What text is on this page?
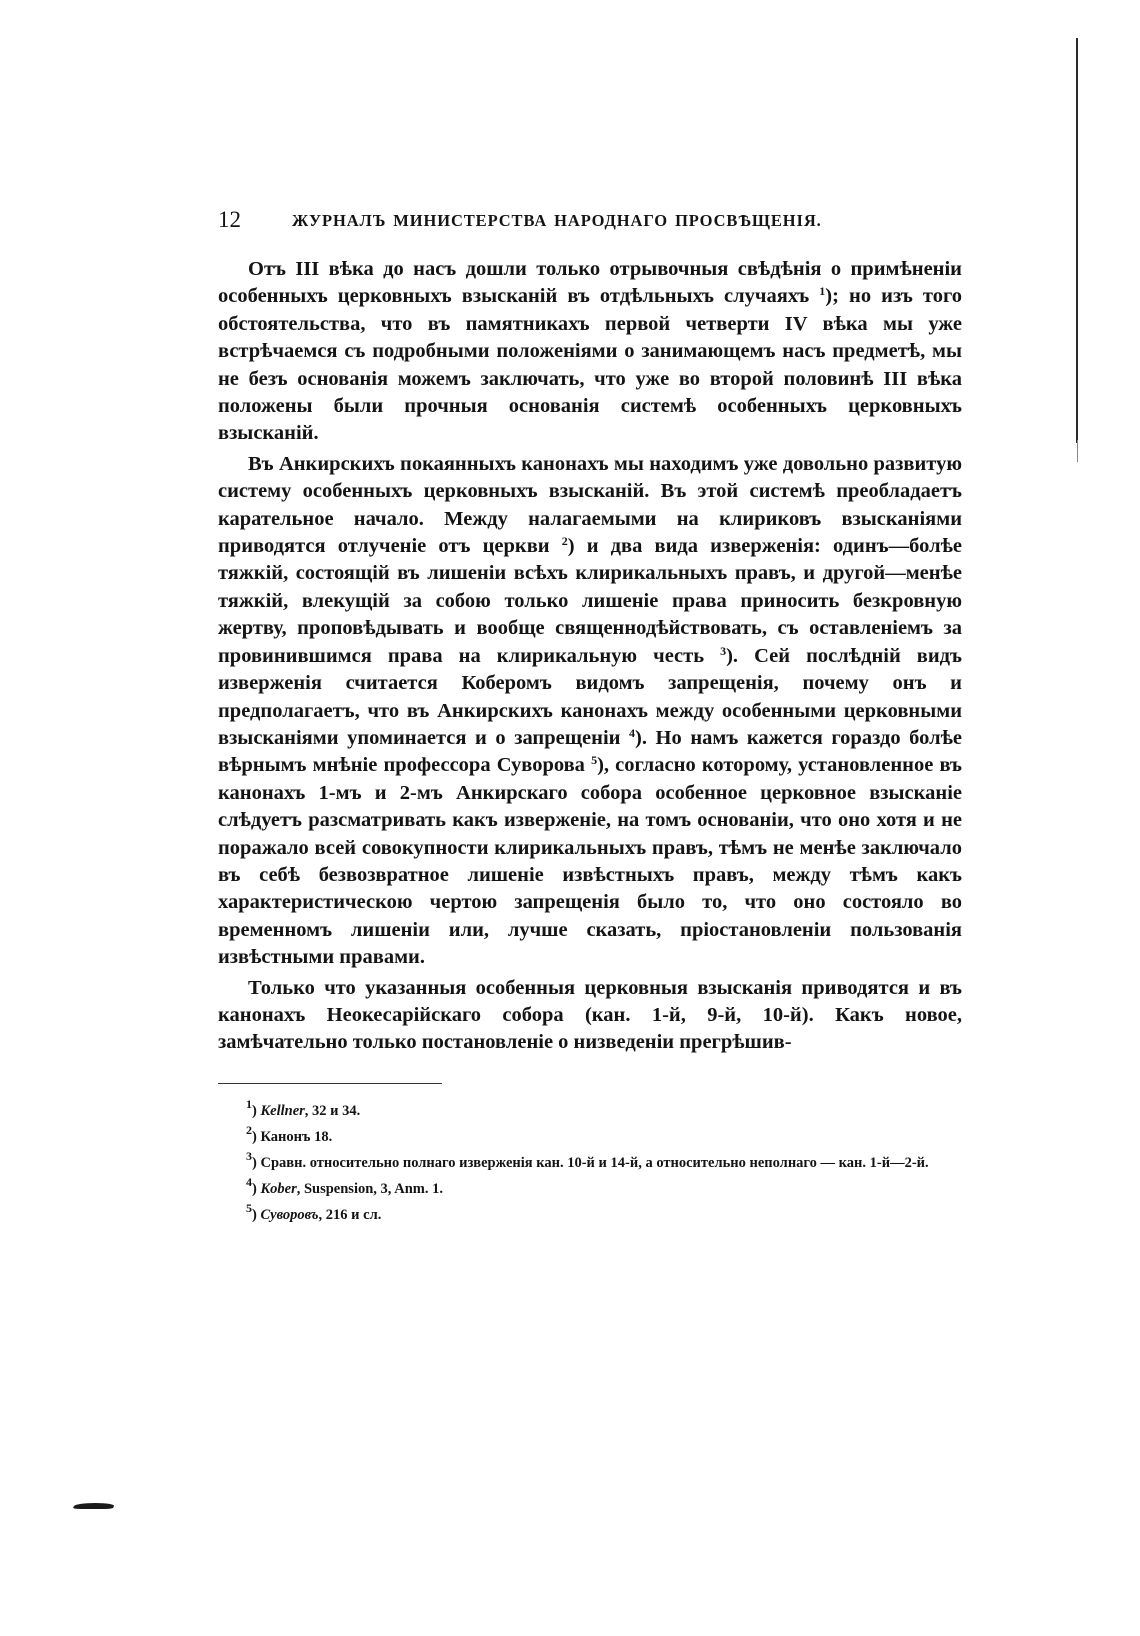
12	ЖУРНАЛЪ МИНИСТЕРСТВА НАРОДНАГО ПРОСВѢЩЕНІЯ.

Отъ III вѣка до насъ дошли только отрывочныя свѣдѣнія о примѣненіи особенныхъ церковныхъ взысканій въ отдѣльныхъ случаяхъ $^1$); но изъ того обстоятельства, что въ памятникахъ первой четверти IV вѣка мы уже встрѣчаемся съ подробными положеніями о занимающемъ насъ предметѣ, мы не безъ основанія можемъ заключать, что уже во второй половинѣ III вѣка положены были прочныя основанія системѣ особенныхъ церковныхъ взысканій.

Въ Анкирскихъ покаянныхъ канонахъ мы находимъ уже довольно развитую систему особенныхъ церковныхъ взысканій. Въ этой системѣ преобладаетъ карательное начало. Между налагаемыми на клириковъ взысканіями приводятся отлученіе отъ церкви $^2$) и два вида изверженія: одинъ—болѣе тяжкій, состоящій въ лишеніи всѣхъ клирикальныхъ правъ, и другой—менѣе тяжкій, влекущій за собою только лишеніе права приносить безкровную жертву, проповѣдывать и вообще священнодѣйствовать, съ оставленіемъ за провинившимся права на клирикальную честь $^3$). Сей послѣдній видъ изверженія считается Коберомъ видомъ запрещенія, почему онъ и предполагаетъ, что въ Анкирскихъ канонахъ между особенными церковными взысканіями упоминается и о запрещеніи $^4$). Но намъ кажется гораздо болѣе вѣрнымъ мнѣніе профессора Суворова $^5$), согласно которому, установленное въ канонахъ 1-мъ и 2-мъ Анкирскаго собора особенное церковное взысканіе слѣдуетъ разсматривать какъ изверженіе, на томъ основаніи, что оно хотя и не поражало всей совокупности клирикальныхъ правъ, тѣмъ не менѣе заключало въ себѣ безвозвратное лишеніе извѣстныхъ правъ, между тѣмъ какъ характеристическою чертою запрещенія было то, что оно состояло во временномъ лишеніи или, лучше сказать, пріостановленіи пользованія извѣстными правами.

Только что указанныя особенныя церковныя взысканія приводятся и въ канонахъ Неокесарійскаго собора (кан. 1-й, 9-й, 10-й). Какъ новое, замѣчательно только постановленіе о низведеніи прегрѣшив-

$^1$) Kellner, 32 и 34.

$^2$) Канонъ 18.

$^3$) Сравн. относительно полнаго изверженія кан. 10-й и 14-й, а относительно неполнаго — кан. 1-й—2-й.

$^4$) Kober, Suspension, 3, Anm. 1.

$^5$) Суворовъ, 216 и сл.
